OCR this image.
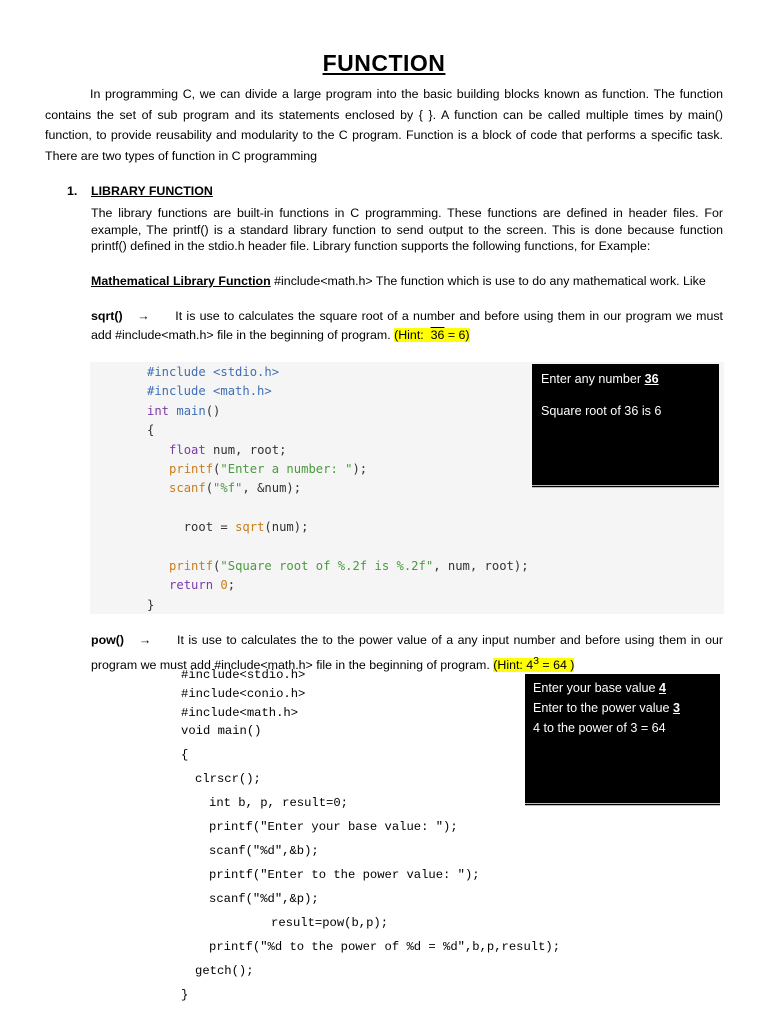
FUNCTION
In programming C, we can divide a large program into the basic building blocks known as function. The function contains the set of sub program and its statements enclosed by { }. A function can be called multiple times by main() function, to provide reusability and modularity to the C program. Function is a block of code that performs a specific task. There are two types of function in C programming
1. LIBRARY FUNCTION
The library functions are built-in functions in C programming. These functions are defined in header files. For example, The printf() is a standard library function to send output to the screen. This is done because function printf() defined in the stdio.h header file. Library function supports the following functions, for Example:
Mathematical Library Function #include<math.h> The function which is use to do any mathematical work. Like
sqrt() → It is use to calculates the square root of a number and before using them in our program we must add #include<math.h> file in the beginning of program. (Hint: 36 = 6)
#include <stdio.h>
#include <math.h>
int main()
{
float num, root;
printf("Enter a number: ");
scanf("%f", &num);

root = sqrt(num);

printf("Square root of %.2f is %.2f", num, root);
return 0;
}
Enter any number 36
Square root of 36 is 6
pow() → It is use to calculates the to the power value of a any input number and before using them in our program we must add #include<math.h> file in the beginning of program. (Hint: $4^3 = 64$ )
#include<stdio.h>
#include<conio.h>
#include<math.h>
void main()
{
clrscr();
int b, p, result=0;
printf("Enter your base value: ");
scanf("%d",&b);
printf("Enter to the power value: ");
scanf("%d",&p);
result=pow(b,p);
printf("%d to the power of %d = %d",b,p,result);
getch();
}
Enter your base value 4
Enter to the power value 3
4 to the power of 3 = 64
